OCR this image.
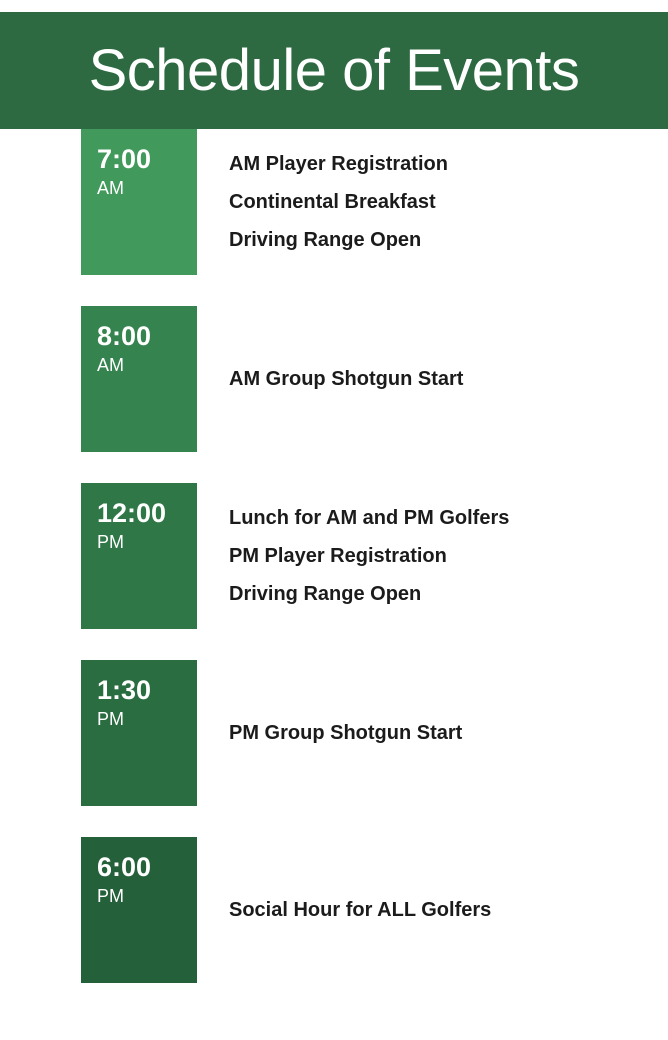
Schedule of Events
7:00
AM
AM Player Registration
Continental Breakfast
Driving Range Open
8:00
AM
AM Group Shotgun Start
12:00
PM
Lunch for AM and PM Golfers
PM Player Registration
Driving Range Open
1:30
PM
PM Group Shotgun Start
6:00
PM
Social Hour for ALL Golfers
